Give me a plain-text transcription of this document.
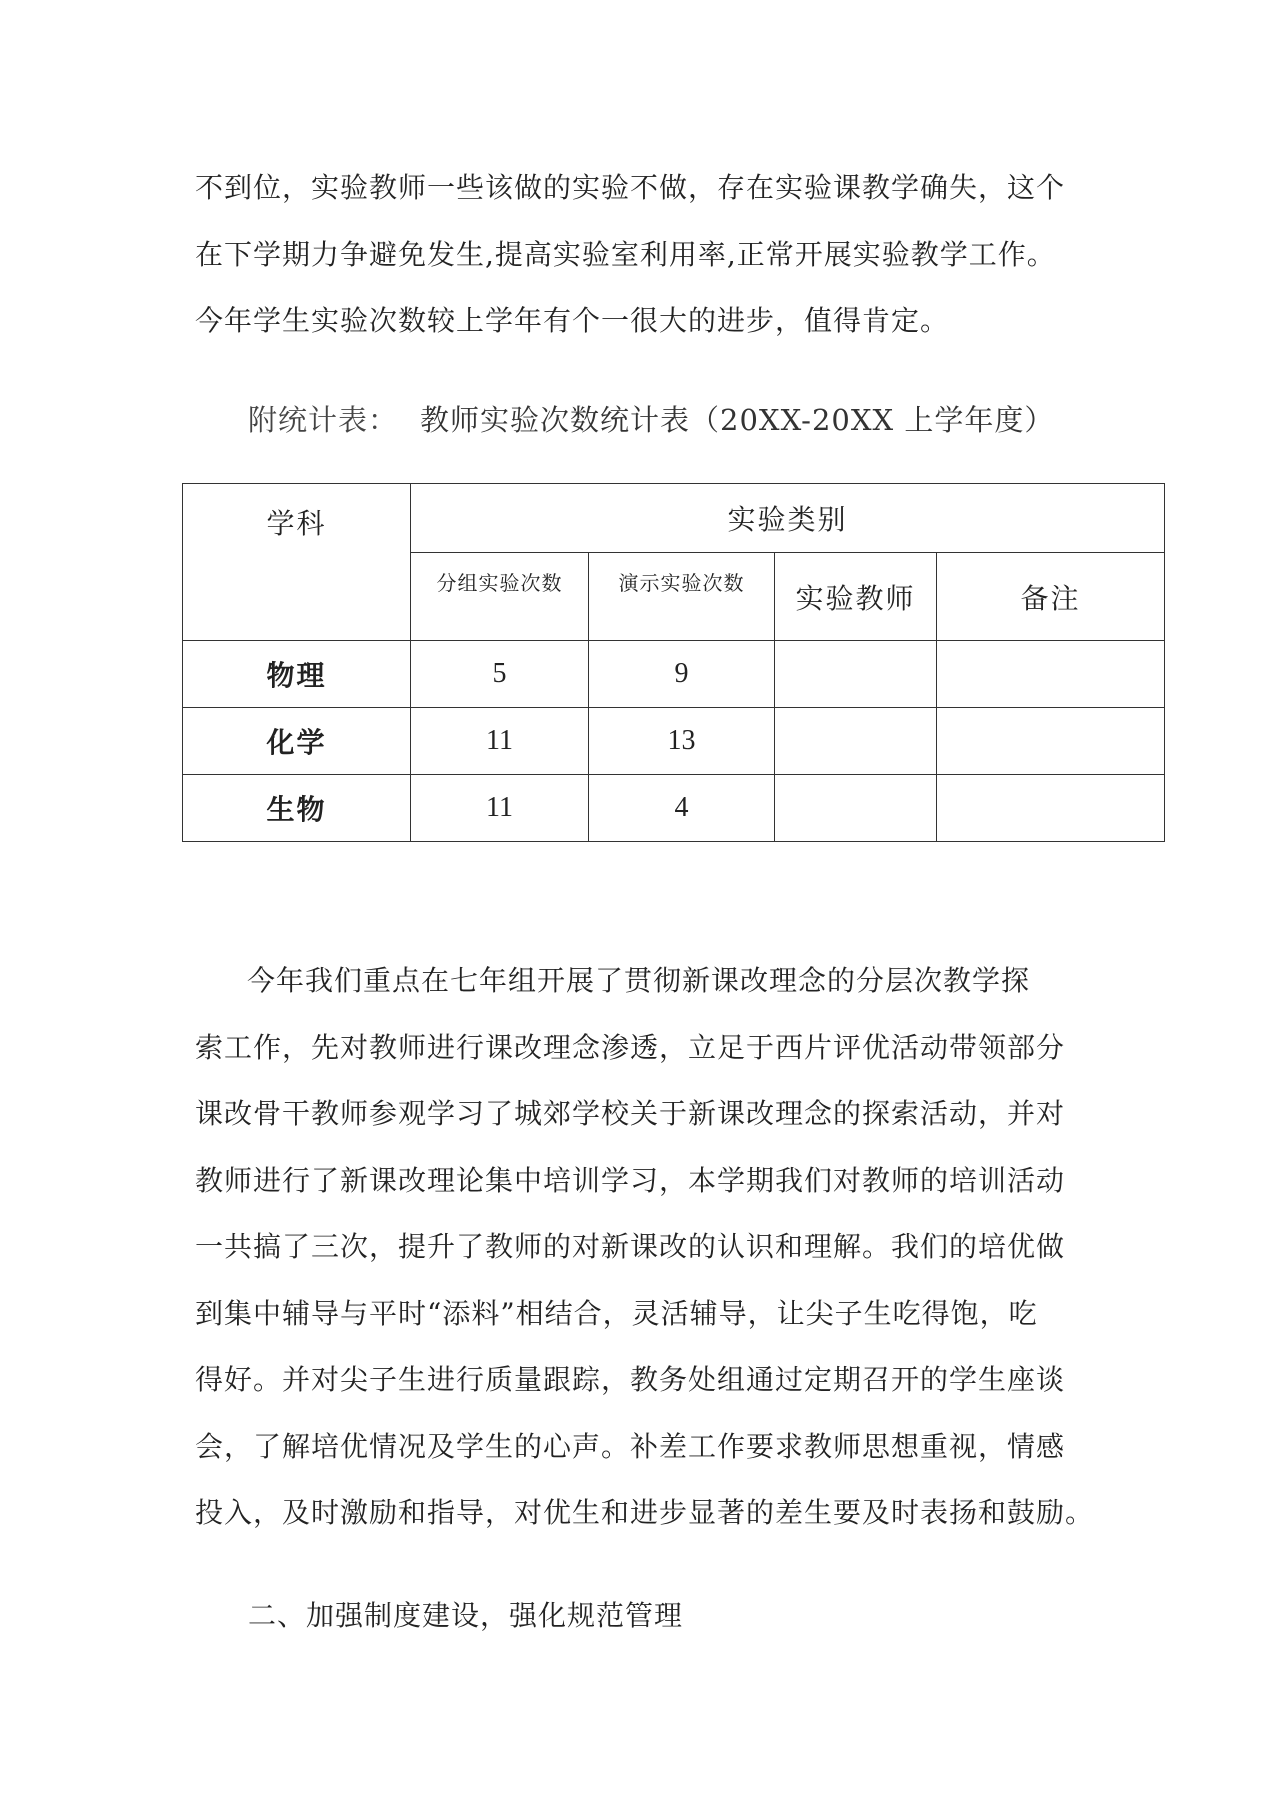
不到位，实验教师一些该做的实验不做，存在实验课教学确失，这个
在下学期力争避免发生,提高实验室利用率,正常开展实验教学工作。
今年学生实验次数较上学年有个一很大的进步，值得肯定。
附统计表： 教师实验次数统计表（20XX-20XX 上学年度）
学科	实验类别			
	分组实验次数	演示实验次数	实验教师	备注
物理	5	9		
化学	11	13		
生物	11	4		
今年我们重点在七年组开展了贯彻新课改理念的分层次教学探
索工作，先对教师进行课改理念渗透，立足于西片评优活动带领部分
课改骨干教师参观学习了城郊学校关于新课改理念的探索活动，并对
教师进行了新课改理论集中培训学习，本学期我们对教师的培训活动
一共搞了三次，提升了教师的对新课改的认识和理解。我们的培优做
到集中辅导与平时“添料”相结合，灵活辅导，让尖子生吃得饱，吃
得好。并对尖子生进行质量跟踪，教务处组通过定期召开的学生座谈
会，了解培优情况及学生的心声。补差工作要求教师思想重视，情感
投入，及时激励和指导，对优生和进步显著的差生要及时表扬和鼓励。
二、加强制度建设，强化规范管理
